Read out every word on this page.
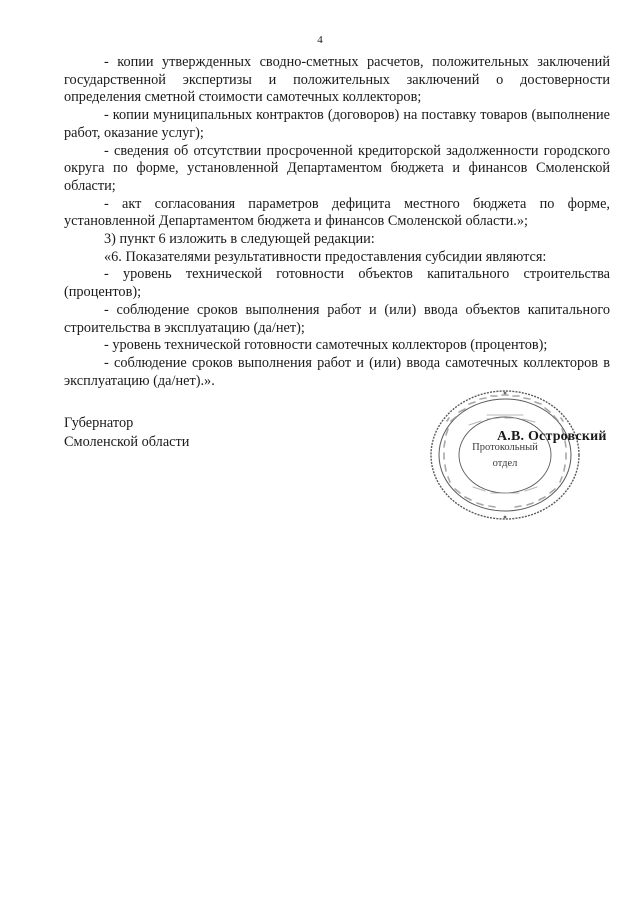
4

- копии утвержденных сводно-сметных расчетов, положительных заключений государственной экспертизы и положительных заключений о достоверности определения сметной стоимости самотечных коллекторов;

- копии муниципальных контрактов (договоров) на поставку товаров (выполнение работ, оказание услуг);

- сведения об отсутствии просроченной кредиторской задолженности городского округа по форме, установленной Департаментом бюджета и финансов Смоленской области;

- акт согласования параметров дефицита местного бюджета по форме, установленной Департаментом бюджета и финансов Смоленской области.»;

3) пункт 6 изложить в следующей редакции:

«6. Показателями результативности предоставления субсидии являются:

- уровень технической готовности объектов капитального строительства (процентов);

- соблюдение сроков выполнения работ и (или) ввода объектов капитального строительства в эксплуатацию (да/нет);

- уровень технической готовности самотечных коллекторов (процентов);

- соблюдение сроков выполнения работ и (или) ввода самотечных коллекторов в эксплуатацию (да/нет).».

Губернатор
Смоленской области	Протокольный
отдел
А.В. Островский
